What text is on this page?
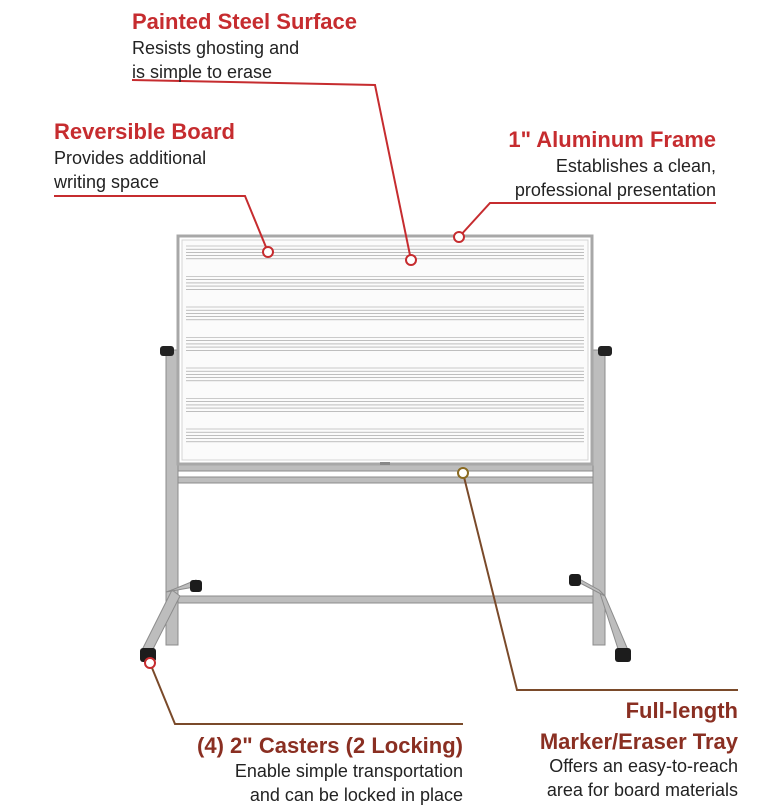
Painted Steel Surface
Resists ghosting and
is simple to erase
Reversible Board
Provides additional
writing space
1" Aluminum Frame
Establishes a clean,
professional presentation
Full-length
Marker/Eraser Tray
Offers an easy-to-reach
area for board materials
(4) 2" Casters (2 Locking)
Enable simple transportation
and can be locked in place
